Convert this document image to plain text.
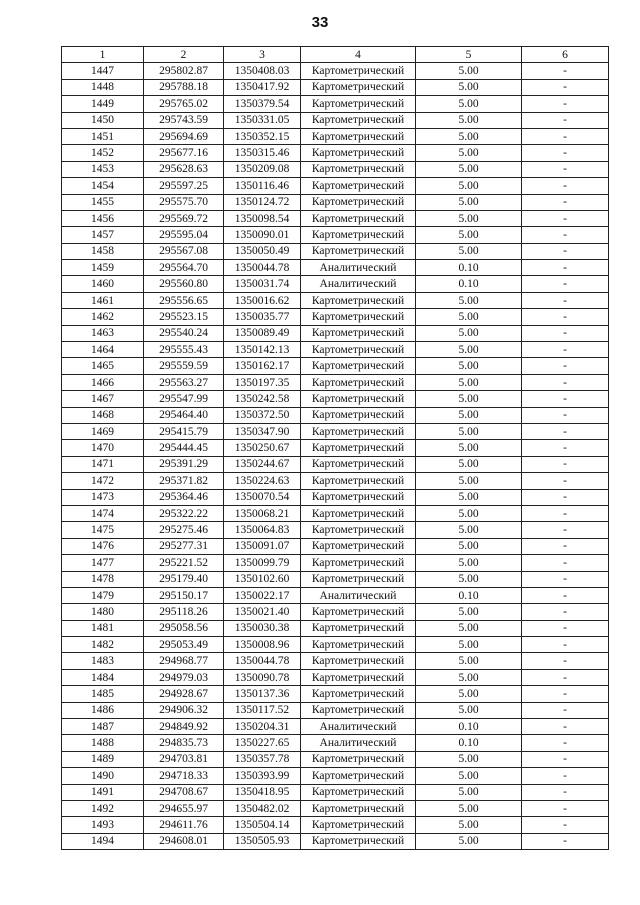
33
1	2	3	4	5	6
1447	295802.87	1350408.03	Картометрический	5.00	-
1448	295788.18	1350417.92	Картометрический	5.00	-
1449	295765.02	1350379.54	Картометрический	5.00	-
1450	295743.59	1350331.05	Картометрический	5.00	-
1451	295694.69	1350352.15	Картометрический	5.00	-
1452	295677.16	1350315.46	Картометрический	5.00	-
1453	295628.63	1350209.08	Картометрический	5.00	-
1454	295597.25	1350116.46	Картометрический	5.00	-
1455	295575.70	1350124.72	Картометрический	5.00	-
1456	295569.72	1350098.54	Картометрический	5.00	-
1457	295595.04	1350090.01	Картометрический	5.00	-
1458	295567.08	1350050.49	Картометрический	5.00	-
1459	295564.70	1350044.78	Аналитический	0.10	-
1460	295560.80	1350031.74	Аналитический	0.10	-
1461	295556.65	1350016.62	Картометрический	5.00	-
1462	295523.15	1350035.77	Картометрический	5.00	-
1463	295540.24	1350089.49	Картометрический	5.00	-
1464	295555.43	1350142.13	Картометрический	5.00	-
1465	295559.59	1350162.17	Картометрический	5.00	-
1466	295563.27	1350197.35	Картометрический	5.00	-
1467	295547.99	1350242.58	Картометрический	5.00	-
1468	295464.40	1350372.50	Картометрический	5.00	-
1469	295415.79	1350347.90	Картометрический	5.00	-
1470	295444.45	1350250.67	Картометрический	5.00	-
1471	295391.29	1350244.67	Картометрический	5.00	-
1472	295371.82	1350224.63	Картометрический	5.00	-
1473	295364.46	1350070.54	Картометрический	5.00	-
1474	295322.22	1350068.21	Картометрический	5.00	-
1475	295275.46	1350064.83	Картометрический	5.00	-
1476	295277.31	1350091.07	Картометрический	5.00	-
1477	295221.52	1350099.79	Картометрический	5.00	-
1478	295179.40	1350102.60	Картометрический	5.00	-
1479	295150.17	1350022.17	Аналитический	0.10	-
1480	295118.26	1350021.40	Картометрический	5.00	-
1481	295058.56	1350030.38	Картометрический	5.00	-
1482	295053.49	1350008.96	Картометрический	5.00	-
1483	294968.77	1350044.78	Картометрический	5.00	-
1484	294979.03	1350090.78	Картометрический	5.00	-
1485	294928.67	1350137.36	Картометрический	5.00	-
1486	294906.32	1350117.52	Картометрический	5.00	-
1487	294849.92	1350204.31	Аналитический	0.10	-
1488	294835.73	1350227.65	Аналитический	0.10	-
1489	294703.81	1350357.78	Картометрический	5.00	-
1490	294718.33	1350393.99	Картометрический	5.00	-
1491	294708.67	1350418.95	Картометрический	5.00	-
1492	294655.97	1350482.02	Картометрический	5.00	-
1493	294611.76	1350504.14	Картометрический	5.00	-
1494	294608.01	1350505.93	Картометрический	5.00	-
